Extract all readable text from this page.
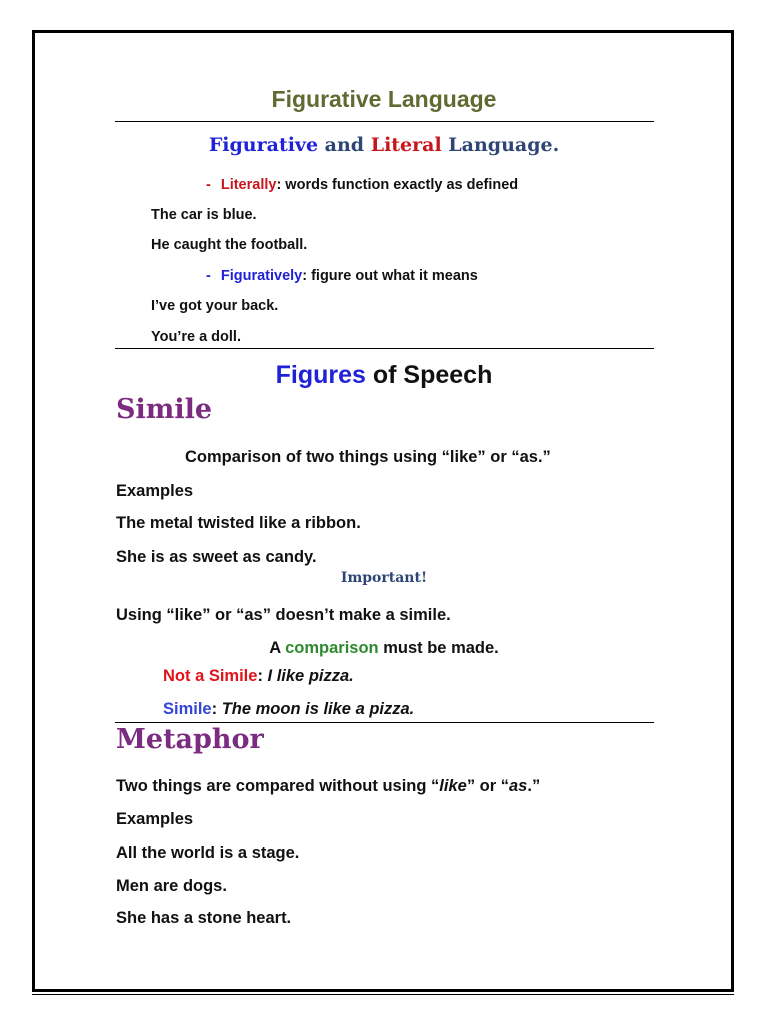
Figurative Language
Figurative and Literal Language.
- Literally: words function exactly as defined
The car is blue.
He caught the football.
- Figuratively: figure out what it means
I’ve got your back.
You’re a doll.
Figures of Speech
Simile
Comparison of two things using “like” or “as.”
Examples
The metal twisted like a ribbon.
She is as sweet as candy.
Important!
Using “like” or “as” doesn’t make a simile.
A comparison must be made.
Not a Simile: I like pizza.
Simile: The moon is like a pizza.
Metaphor
Two things are compared without using “like” or “as.”
Examples
All the world is a stage.
Men are dogs.
She has a stone heart.
